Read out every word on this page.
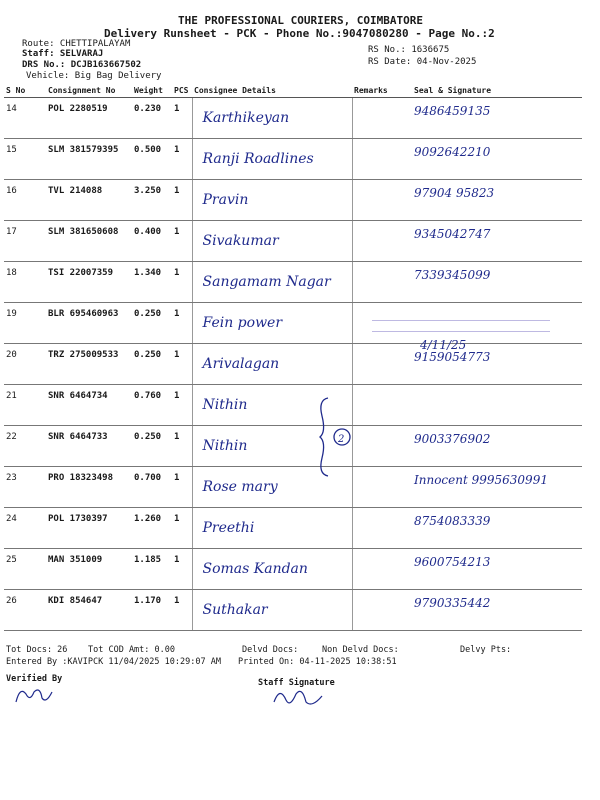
THE PROFESSIONAL COURIERS, COIMBATORE
Delivery Runsheet - PCK - Phone No.:9047080280 - Page No.:2
Route: CHETTIPALAYAM
Staff: SELVARAJ
DRS No.: DCJB163667502
Vehicle: Big Bag Delivery
RS No.: 1636675
RS Date: 04-Nov-2025
S No	Consignment No	Weight	PCS	Consignee Details	Remarks	Seal & Signature
14	POL 2280519	0.230	1	Karthikeyan		9486459135
15	SLM 381579395	0.500	1	Ranji Roadlines		9092642210
16	TVL 214088	3.250	1	Pravin		97904 95823
17	SLM 381650608	0.400	1	Sivakumar		9345042747
18	TSI 22007359	1.340	1	Sangamam Nagar		7339345099
19	BLR 695460963	0.250	1	Fein power		

20	TRZ 275009533	0.250	1	Arivalagan		9159054773
21	SNR 6464734	0.760	1	Nithin		

22	SNR 6464733	0.250	1	Nithin		9003376902
23	PRO 18323498	0.700	1	Rose mary		Innocent 9995630991
24	POL 1730397	1.260	1	Preethi		8754083339
25	MAN 351009	1.185	1	Somas Kandan		9600754213
26	KDI 854647	1.170	1	Suthakar		9790335442
2
4/11/25
Tot Docs: 26 Tot COD Amt: 0.00	Delvd Docs:	Non Delvd Docs:	Delvy Pts:
Entered By :KAVIPCK 11/04/2025 10:29:07 AM Printed On: 04-11-2025 10:38:51
Verified By	Staff Signature
